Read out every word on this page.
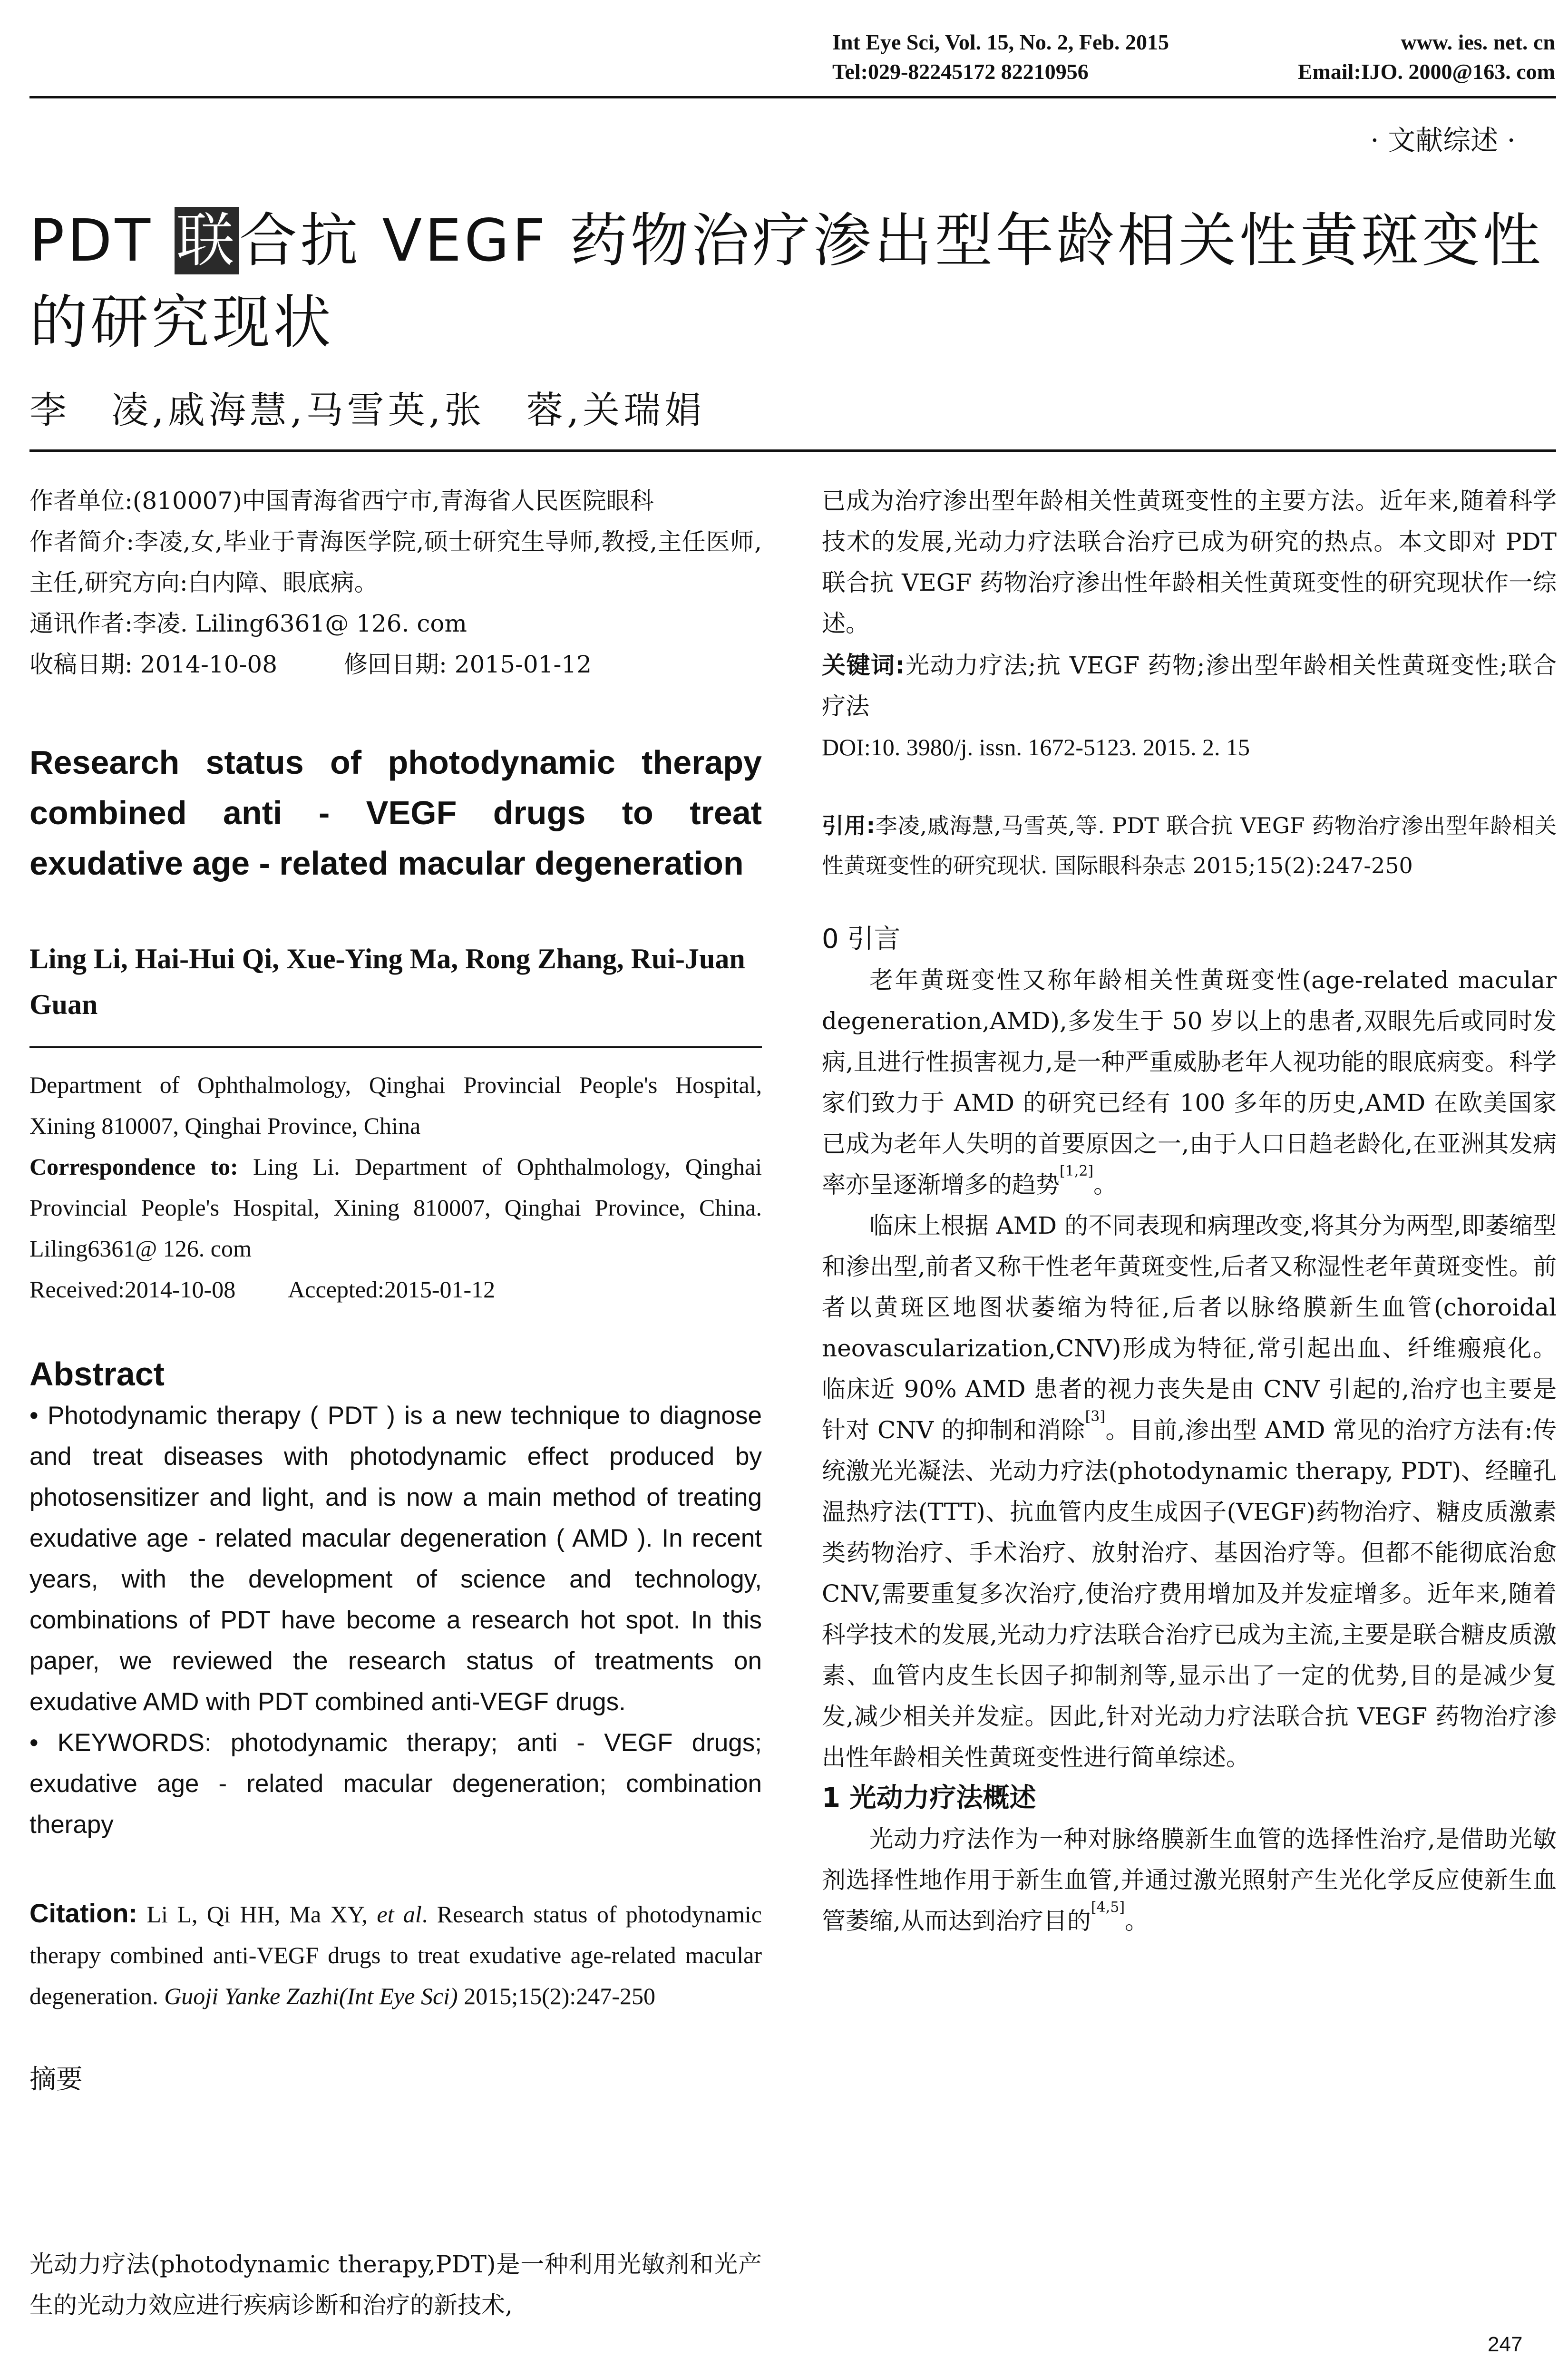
Int Eye Sci, Vol. 15, No. 2, Feb. 2015	www. ies. net. cn
Tel:029-82245172 82210956	Email:IJO. 2000@163. com
· 文献综述 ·
PDT 联合抗 VEGF 药物治疗渗出型年龄相关性黄斑变性的研究现状
李　凌,戚海慧,马雪英,张　蓉,关瑞娟

作者单位:(810007)中国青海省西宁市,青海省人民医院眼科

作者简介:李凌,女,毕业于青海医学院,硕士研究生导师,教授,主任医师,主任,研究方向:白内障、眼底病。

通讯作者:李凌. Liling6361@ 126. com

收稿日期: 2014-10-08	修回日期: 2015-01-12

Research status of photodynamic therapy combined anti - VEGF drugs to treat exudative age - related macular degeneration
Ling Li, Hai-Hui Qi, Xue-Ying Ma, Rong Zhang, Rui-Juan Guan
Department of Ophthalmology, Qinghai Provincial People's Hospital, Xining 810007, Qinghai Province, China
Correspondence to: Ling Li. Department of Ophthalmology, Qinghai Provincial People's Hospital, Xining 810007, Qinghai Province, China. Liling6361@ 126. com
Received:2014-10-08 Accepted:2015-01-12
Abstract

• Photodynamic therapy ( PDT ) is a new technique to diagnose and treat diseases with photodynamic effect produced by photosensitizer and light, and is now a main method of treating exudative age - related macular degeneration ( AMD ). In recent years, with the development of science and technology, combinations of PDT have become a research hot spot. In this paper, we reviewed the research status of treatments on exudative AMD with PDT combined anti-VEGF drugs.

• KEYWORDS: photodynamic therapy; anti - VEGF drugs; exudative age - related macular degeneration; combination therapy

Citation: Li L, Qi HH, Ma XY, et al. Research status of photodynamic therapy combined anti-VEGF drugs to treat exudative age-related macular degeneration. Guoji Yanke Zazhi(Int Eye Sci) 2015;15(2):247-250
摘要

光动力疗法(photodynamic therapy,PDT)是一种利用光敏剂和光产生的光动力效应进行疾病诊断和治疗的新技术,

已成为治疗渗出型年龄相关性黄斑变性的主要方法。近年来,随着科学技术的发展,光动力疗法联合治疗已成为研究的热点。本文即对 PDT 联合抗 VEGF 药物治疗渗出性年龄相关性黄斑变性的研究现状作一综述。

关键词:光动力疗法;抗 VEGF 药物;渗出型年龄相关性黄斑变性;联合疗法
DOI:10. 3980/j. issn. 1672-5123. 2015. 2. 15
引用:李凌,戚海慧,马雪英,等. PDT 联合抗 VEGF 药物治疗渗出型年龄相关性黄斑变性的研究现状. 国际眼科杂志 2015;15(2):247-250
0 引言

老年黄斑变性又称年龄相关性黄斑变性(age-related macular degeneration,AMD),多发生于 50 岁以上的患者,双眼先后或同时发病,且进行性损害视力,是一种严重威胁老年人视功能的眼底病变。科学家们致力于 AMD 的研究已经有 100 多年的历史,AMD 在欧美国家已成为老年人失明的首要原因之一,由于人口日趋老龄化,在亚洲其发病率亦呈逐渐增多的趋势[1,2]。

临床上根据 AMD 的不同表现和病理改变,将其分为两型,即萎缩型和渗出型,前者又称干性老年黄斑变性,后者又称湿性老年黄斑变性。前者以黄斑区地图状萎缩为特征,后者以脉络膜新生血管(choroidal neovascularization,CNV)形成为特征,常引起出血、纤维瘢痕化。临床近 90% AMD 患者的视力丧失是由 CNV 引起的,治疗也主要是针对 CNV 的抑制和消除[3]。目前,渗出型 AMD 常见的治疗方法有:传统激光光凝法、光动力疗法(photodynamic therapy, PDT)、经瞳孔温热疗法(TTT)、抗血管内皮生成因子(VEGF)药物治疗、糖皮质激素类药物治疗、手术治疗、放射治疗、基因治疗等。但都不能彻底治愈 CNV,需要重复多次治疗,使治疗费用增加及并发症增多。近年来,随着科学技术的发展,光动力疗法联合治疗已成为主流,主要是联合糖皮质激素、血管内皮生长因子抑制剂等,显示出了一定的优势,目的是减少复发,减少相关并发症。因此,针对光动力疗法联合抗 VEGF 药物治疗渗出性年龄相关性黄斑变性进行简单综述。

1 光动力疗法概述

光动力疗法作为一种对脉络膜新生血管的选择性治疗,是借助光敏剂选择性地作用于新生血管,并通过激光照射产生光化学反应使新生血管萎缩,从而达到治疗目的[4,5]。

247
